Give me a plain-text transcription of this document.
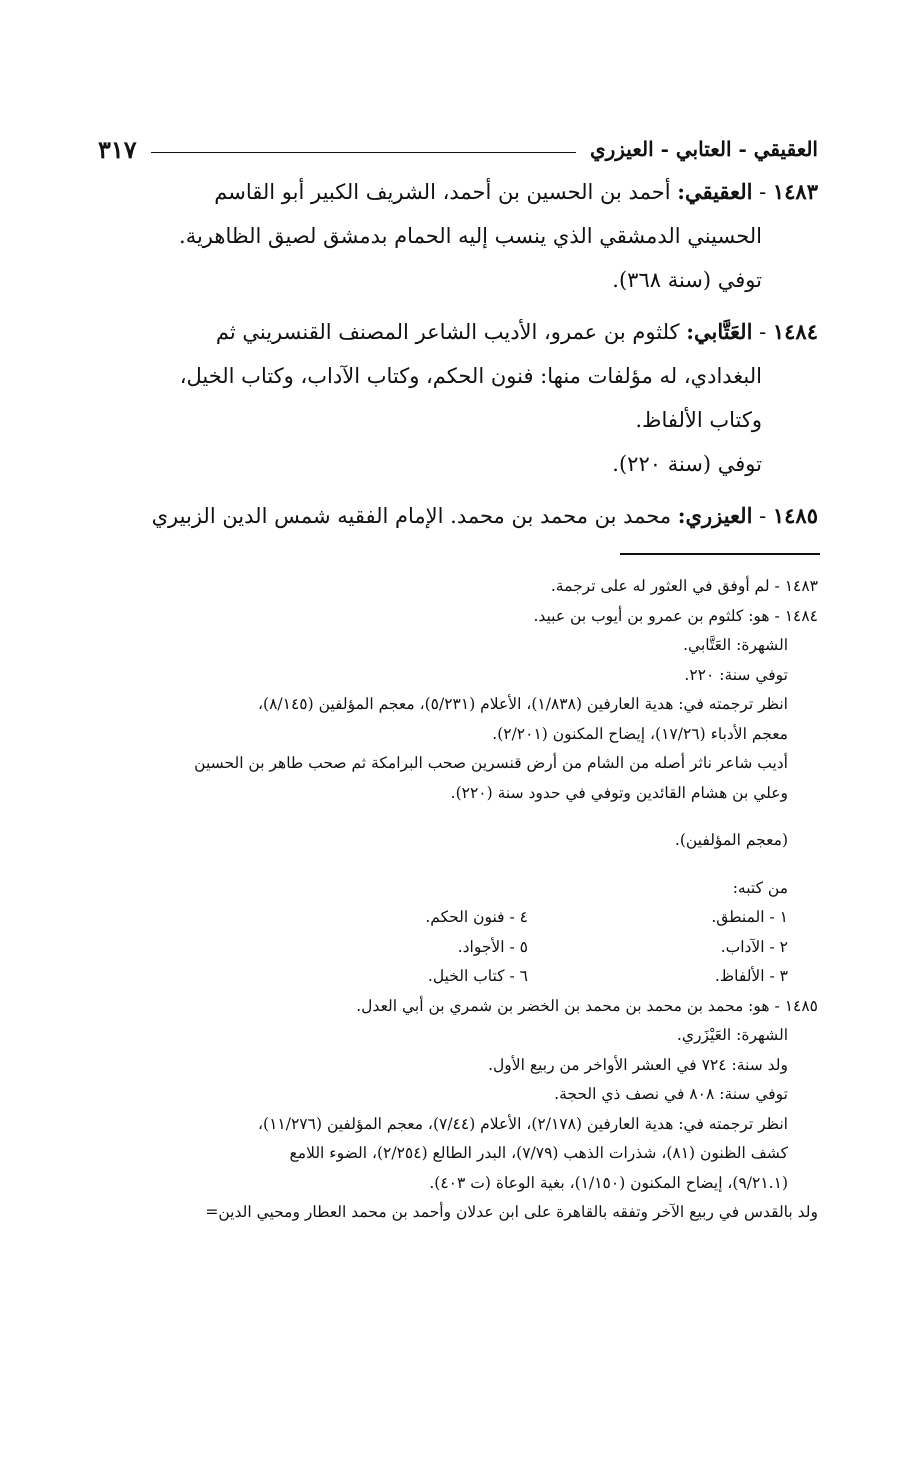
العقيقي - العتابي - العيزري
٣١٧
١٤٨٣ - العقيقي: أحمد بن الحسين بن أحمد، الشريف الكبير أبو القاسم
الحسيني الدمشقي الذي ينسب إليه الحمام بدمشق لصيق الظاهرية.
توفي (سنة ٣٦٨).
١٤٨٤ - العَتَّابي: كلثوم بن عمرو، الأديب الشاعر المصنف القنسريني ثم
البغدادي، له مؤلفات منها: فنون الحكم، وكتاب الآداب، وكتاب الخيل،
وكتاب الألفاظ.
توفي (سنة ٢٢٠).
١٤٨٥ - العيزري: محمد بن محمد بن محمد. الإمام الفقيه شمس الدين الزبيري
١٤٨٣ - لم أوفق في العثور له على ترجمة.
١٤٨٤ - هو: كلثوم بن عمرو بن أيوب بن عبيد.
الشهرة: العَتَّابي.
توفي سنة: ٢٢٠.
انظر ترجمته في: هدية العارفين (١/٨٣٨)، الأعلام (٥/٢٣١)، معجم المؤلفين (٨/١٤٥)،
معجم الأدباء (١٧/٢٦)، إيضاح المكنون (٢/٢٠١).
أديب شاعر ناثر أصله من الشام من أرض قنسرين صحب البرامكة ثم صحب طاهر بن الحسين
وعلي بن هشام القائدين وتوفي في حدود سنة (٢٢٠).
(معجم المؤلفين).
من كتبه:
١ - المنطق.
٤ - فنون الحكم.
٢ - الآداب.
٥ - الأجواد.
٣ - الألفاظ.
٦ - كتاب الخيل.
١٤٨٥ - هو: محمد بن محمد بن محمد بن الخضر بن شمري بن أبي العدل.
الشهرة: العَيْزَري.
ولد سنة: ٧٢٤ في العشر الأواخر من ربيع الأول.
توفي سنة: ٨٠٨ في نصف ذي الحجة.
انظر ترجمته في: هدية العارفين (٢/١٧٨)، الأعلام (٧/٤٤)، معجم المؤلفين (١١/٢٧٦)،
كشف الظنون (٨١)، شذرات الذهب (٧/٧٩)، البدر الطالع (٢/٢٥٤)، الضوء اللامع
(٩/٢١.١)، إيضاح المكنون (١/١٥٠)، بغية الوعاة (ت ٤٠٣).
ولد بالقدس في ربيع الآخر وتفقه بالقاهرة على ابن عدلان وأحمد بن محمد العطار ومحيي الدين=
